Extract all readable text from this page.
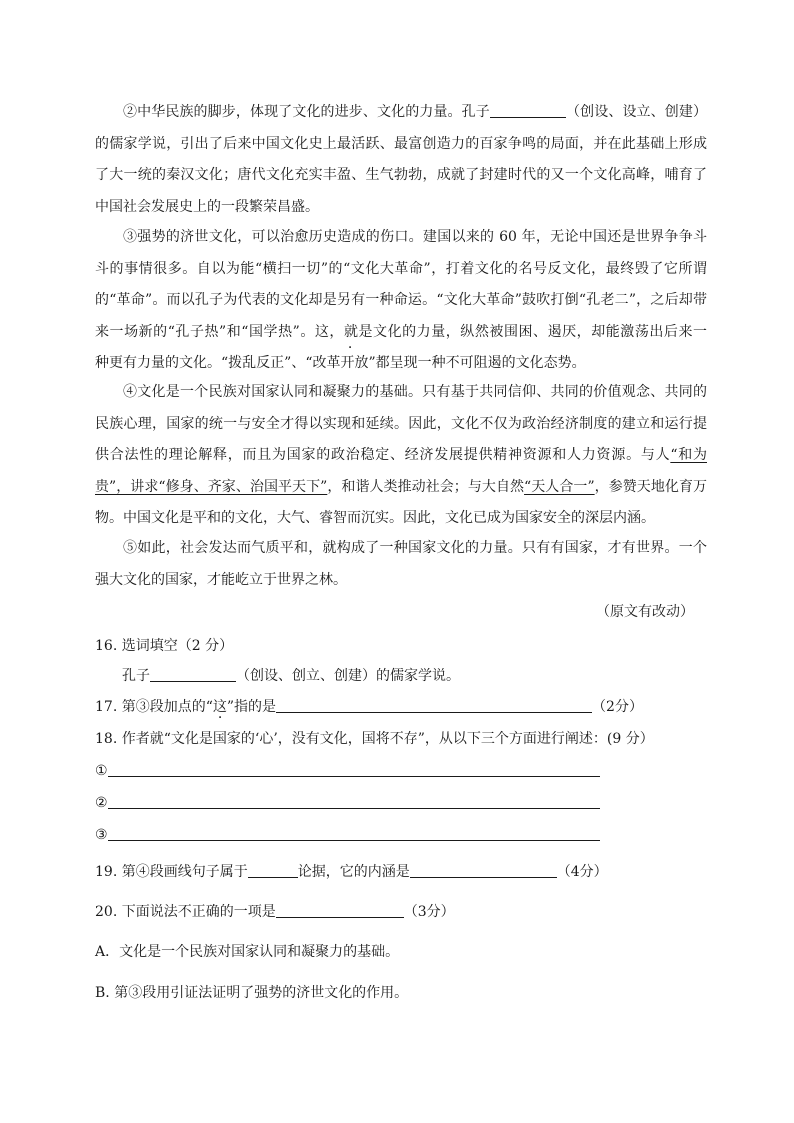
②中华民族的脚步，体现了文化的进步、文化的力量。孔子	（创设、设立、创建）的儒家学说，引出了后来中国文化史上最活跃、最富创造力的百家争鸣的局面，并在此基础上形成了大一统的秦汉文化；唐代文化充实丰盈、生气勃勃，成就了封建时代的又一个文化高峰，哺育了中国社会发展史上的一段繁荣昌盛。

③强势的济世文化，可以治愈历史造成的伤口。建国以来的 60 年，无论中国还是世界争争斗斗的事情很多。自以为能“横扫一切”的“文化大革命”，打着文化的名号反文化，最终毁了它所谓的“革命”。而以孔子为代表的文化却是另有一种命运。“文化大革命”鼓吹打倒“孔老二”，之后却带来一场新的“孔子热”和“国学热”。这 ·，就是文化的力量，纵然被围困、遏厌，却能激荡出后来一　种更有力量的文化。“拨乱反正”、“改革开放”都呈现一种不可阻遏的文化态势。

④文化是一个民族对国家认同和凝聚力的基础。只有基于共同信仰、共同的价值观念、共同的民族心理，国家的统一与安全才得以实现和延续。因此，文化不仅为政治经济制度的建立和运行提供合法性的理论解释，而且为国家的政治稳定、经济发展提供精神资源和人力资源。与人“和为贵”，讲求“修身、齐家、治国平天下”，和谐人类推动社会；与大自然“天人合一”，参赞天地化育万物。中国文化是平和的文化，大气、睿智而沉实。因此，文化已成为国家安全的深层内涵。

⑤如此，社会发达而气质平和，就构成了一种国家文化的力量。只有有国家，才有世界。一个强大文化的国家，才能屹立于世界之林。

（原文有改动）
16. 选词填空（2 分）
孔子	（创设、创立、创建）的儒家学说。
17. 第③段加点的“这”指的是	（2分）
18. 作者就“文化是国家的‘心’，没有文化，国将不存”，从以下三个方面进行阐述：(9 分）
①
②
③
19. 第④段画线句子属于	论据，它的内涵是	（4分）
20. 下面说法不正确的一项是	（3分）
A．文化是一个民族对国家认同和凝聚力的基础。
B. 第③段用引证法证明了强势的济世文化的作用。
